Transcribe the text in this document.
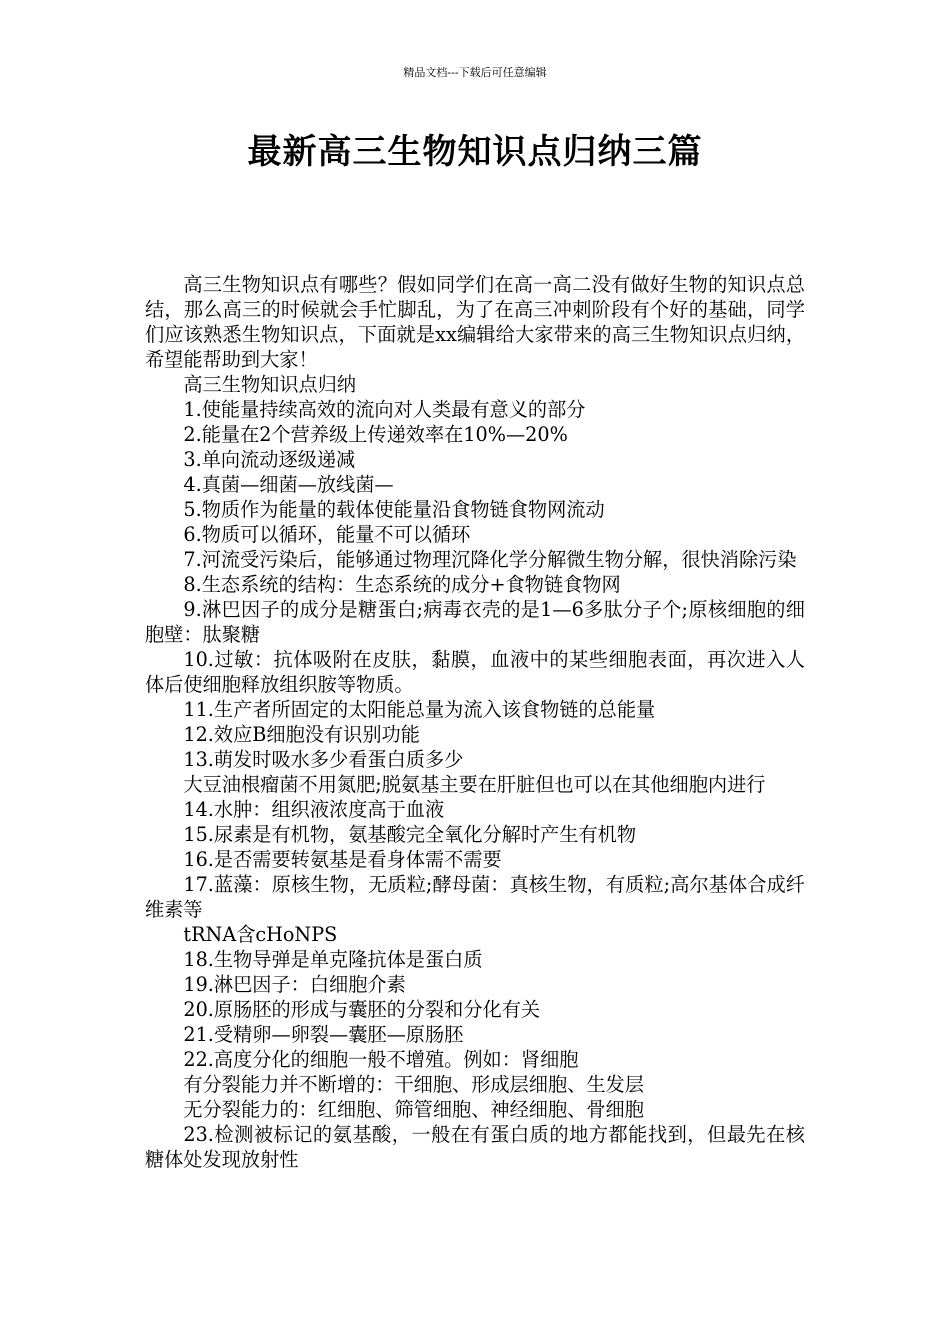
精品文档---下载后可任意编辑
最新高三生物知识点归纳三篇
高三生物知识点有哪些？假如同学们在高一高二没有做好生物的知识点总结，那么高三的时候就会手忙脚乱，为了在高三冲刺阶段有个好的基础，同学们应该熟悉生物知识点，下面就是xx编辑给大家带来的高三生物知识点归纳，希望能帮助到大家！
高三生物知识点归纳
1.使能量持续高效的流向对人类最有意义的部分
2.能量在2个营养级上传递效率在10%—20%
3.单向流动逐级递减
4.真菌—细菌—放线菌—
5.物质作为能量的载体使能量沿食物链食物网流动
6.物质可以循环，能量不可以循环
7.河流受污染后，能够通过物理沉降化学分解微生物分解，很快消除污染
8.生态系统的结构：生态系统的成分+食物链食物网
9.淋巴因子的成分是糖蛋白;病毒衣壳的是1—6多肽分子个;原核细胞的细胞壁：肽聚糖
10.过敏：抗体吸附在皮肤，黏膜，血液中的某些细胞表面，再次进入人体后使细胞释放组织胺等物质。
11.生产者所固定的太阳能总量为流入该食物链的总能量
12.效应B细胞没有识别功能
13.萌发时吸水多少看蛋白质多少
大豆油根瘤菌不用氮肥;脱氨基主要在肝脏但也可以在其他细胞内进行
14.水肿：组织液浓度高于血液
15.尿素是有机物，氨基酸完全氧化分解时产生有机物
16.是否需要转氨基是看身体需不需要
17.蓝藻：原核生物，无质粒;酵母菌：真核生物，有质粒;高尔基体合成纤维素等
tRNA含cHoNPS
18.生物导弹是单克隆抗体是蛋白质
19.淋巴因子：白细胞介素
20.原肠胚的形成与囊胚的分裂和分化有关
21.受精卵—卵裂—囊胚—原肠胚
22.高度分化的细胞一般不增殖。例如：肾细胞
有分裂能力并不断增的：干细胞、形成层细胞、生发层
无分裂能力的：红细胞、筛管细胞、神经细胞、骨细胞
23.检测被标记的氨基酸，一般在有蛋白质的地方都能找到，但最先在核糖体处发现放射性
